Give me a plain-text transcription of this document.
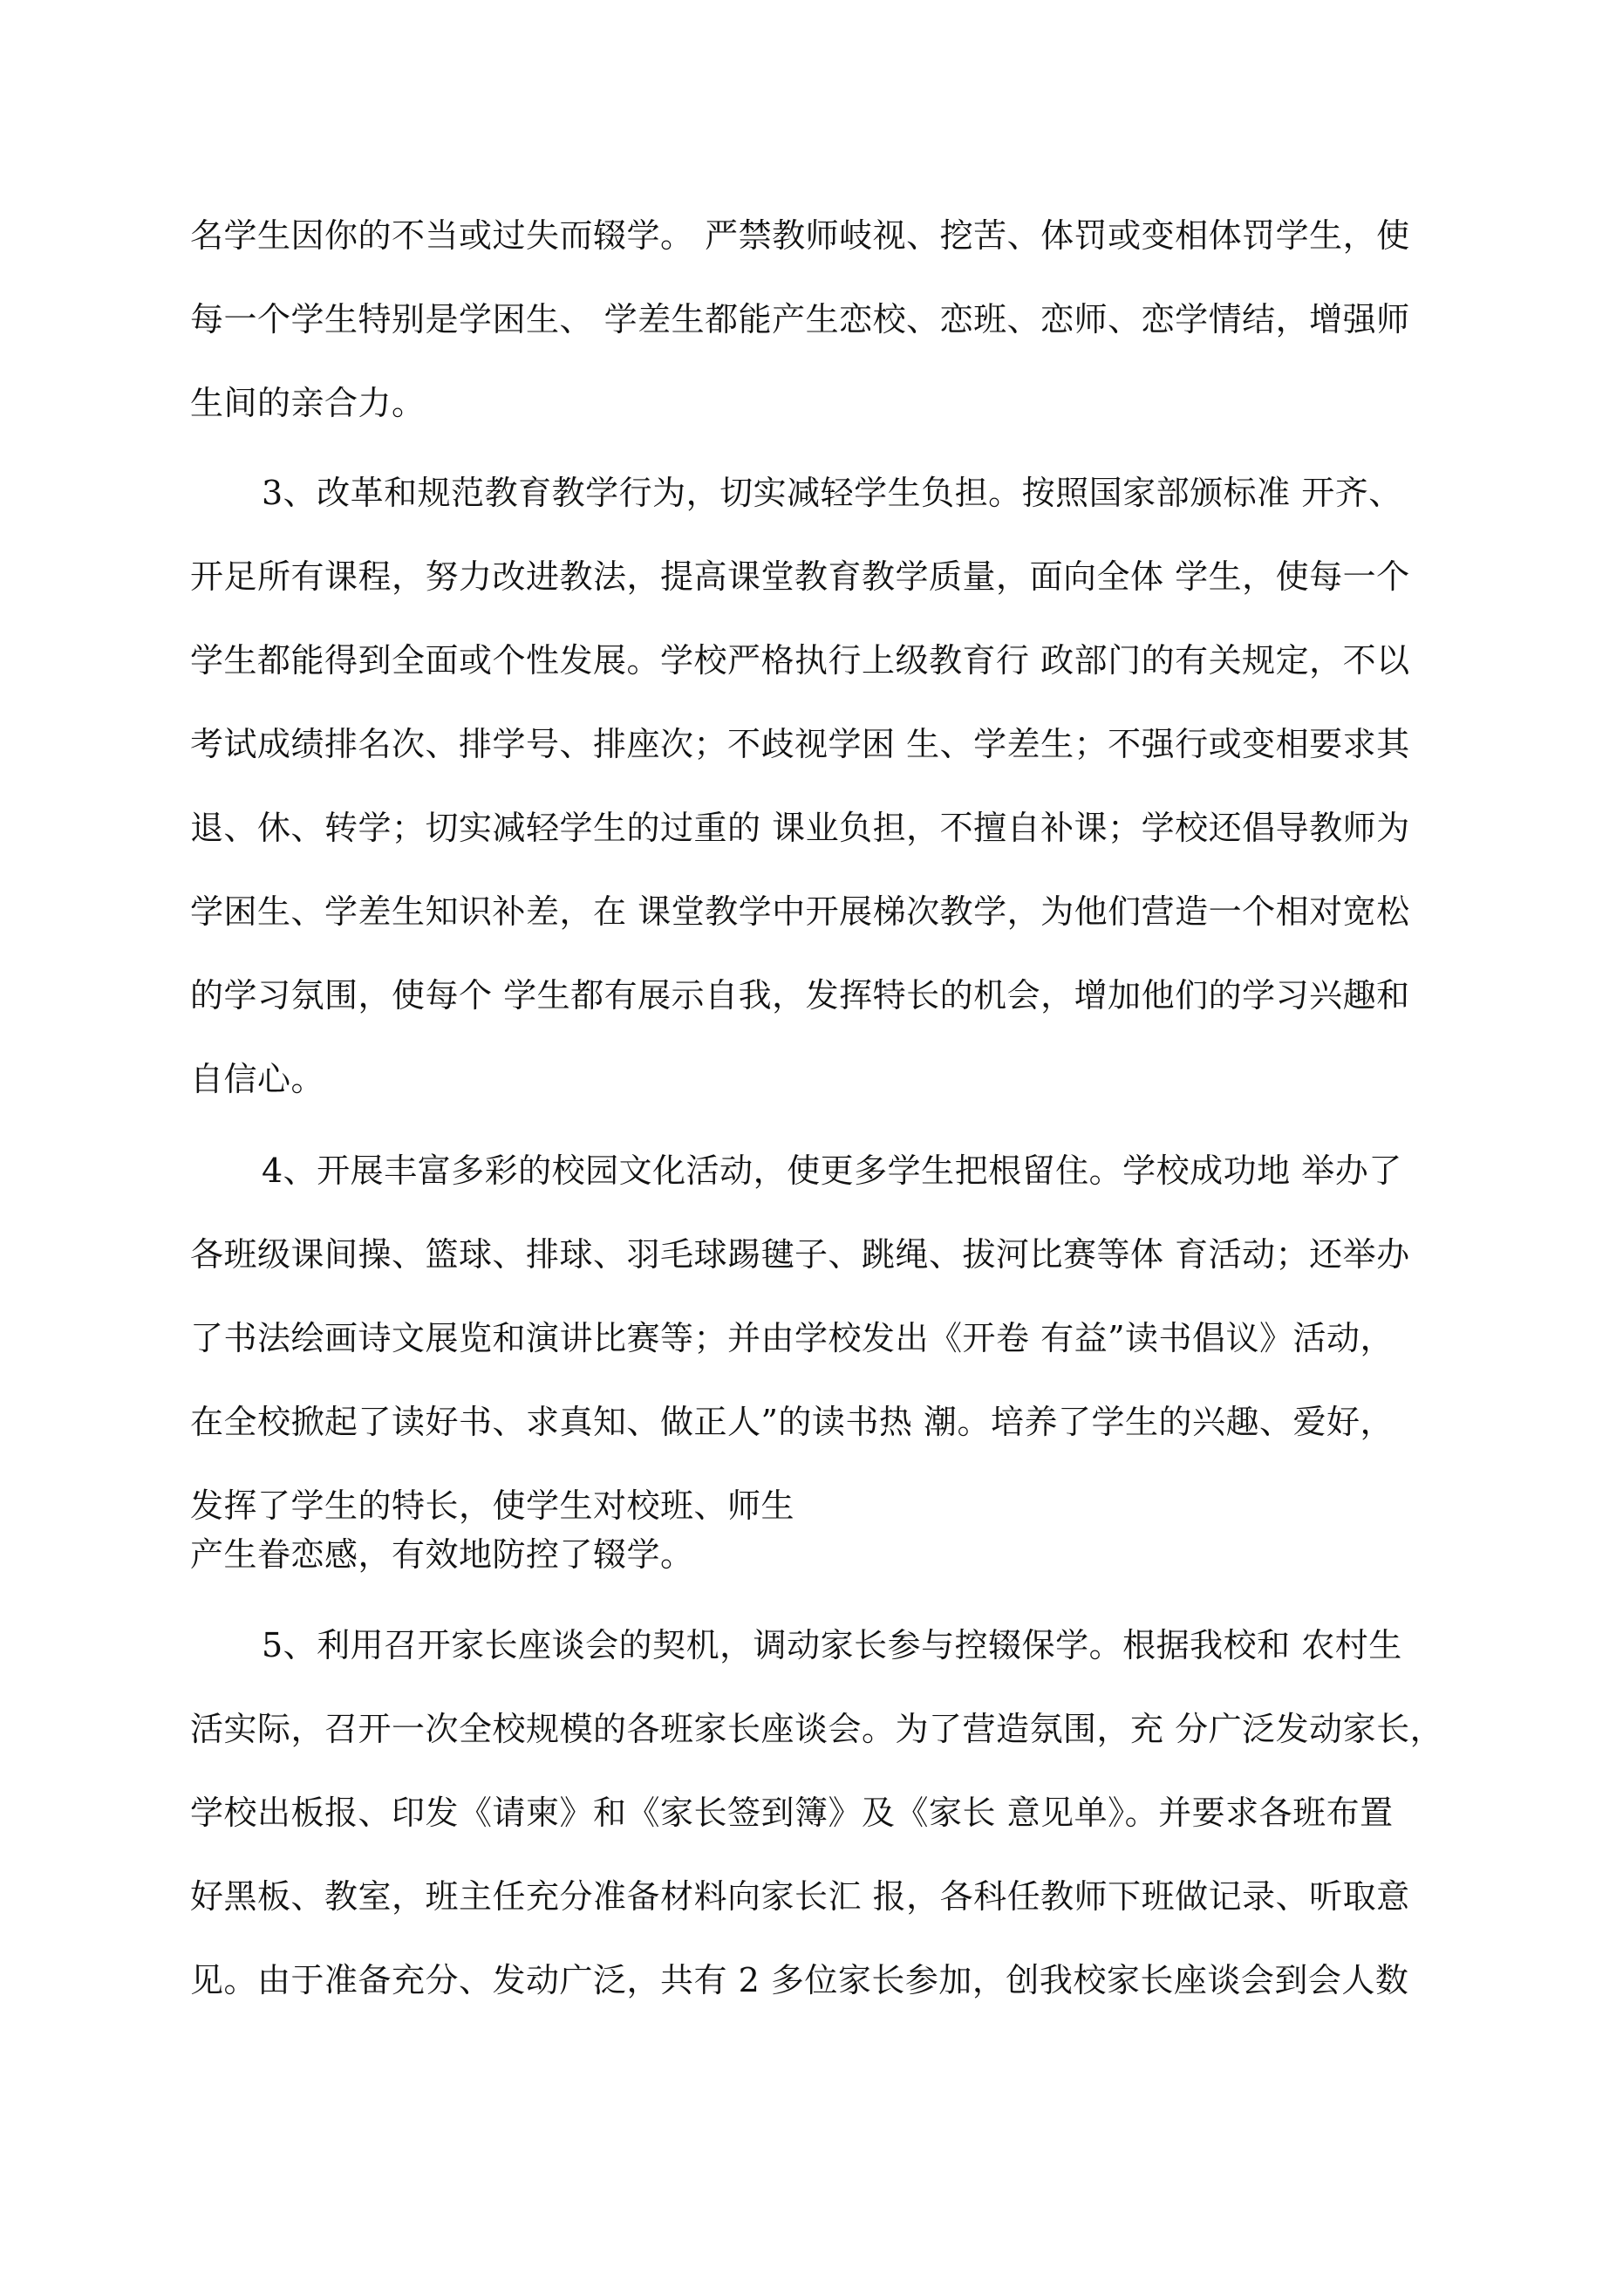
名学生因你的不当或过失而辍学。 严禁教师岐视、挖苦、体罚或变相体罚学生，使
每一个学生特别是学困生、 学差生都能产生恋校、恋班、恋师、恋学情结，增强师
生间的亲合力。
3、改革和规范教育教学行为，切实减轻学生负担。按照国家部颁标准 开齐、
开足所有课程，努力改进教法，提高课堂教育教学质量，面向全体 学生，使每一个
学生都能得到全面或个性发展。学校严格执行上级教育行 政部门的有关规定，不以
考试成绩排名次、排学号、排座次；不歧视学困 生、学差生；不强行或变相要求其
退、休、转学；切实减轻学生的过重的 课业负担，不擅自补课；学校还倡导教师为
学困生、学差生知识补差，在 课堂教学中开展梯次教学，为他们营造一个相对宽松
的学习氛围，使每个 学生都有展示自我，发挥特长的机会，增加他们的学习兴趣和
自信心。
4、开展丰富多彩的校园文化活动，使更多学生把根留住。学校成功地 举办了
各班级课间操、篮球、排球、羽毛球踢毽子、跳绳、拔河比赛等体 育活动；还举办
了书法绘画诗文展览和演讲比赛等；并由学校发出《开卷 有益”读书倡议》活动，
在全校掀起了读好书、求真知、做正人”的读书热 潮。培养了学生的兴趣、爱好，
发挥了学生的特长，使学生对校班、师生
产生眷恋感，有效地防控了辍学。
5、利用召开家长座谈会的契机，调动家长参与控辍保学。根据我校和 农村生
活实际，召开一次全校规模的各班家长座谈会。为了营造氛围，充 分广泛发动家长，
学校出板报、印发《请柬》和《家长签到簿》及《家长 意见单》。并要求各班布置
好黑板、教室，班主任充分准备材料向家长汇 报，各科任教师下班做记录、听取意
见。由于准备充分、发动广泛，共有 2 多位家长参加，创我校家长座谈会到会人数
